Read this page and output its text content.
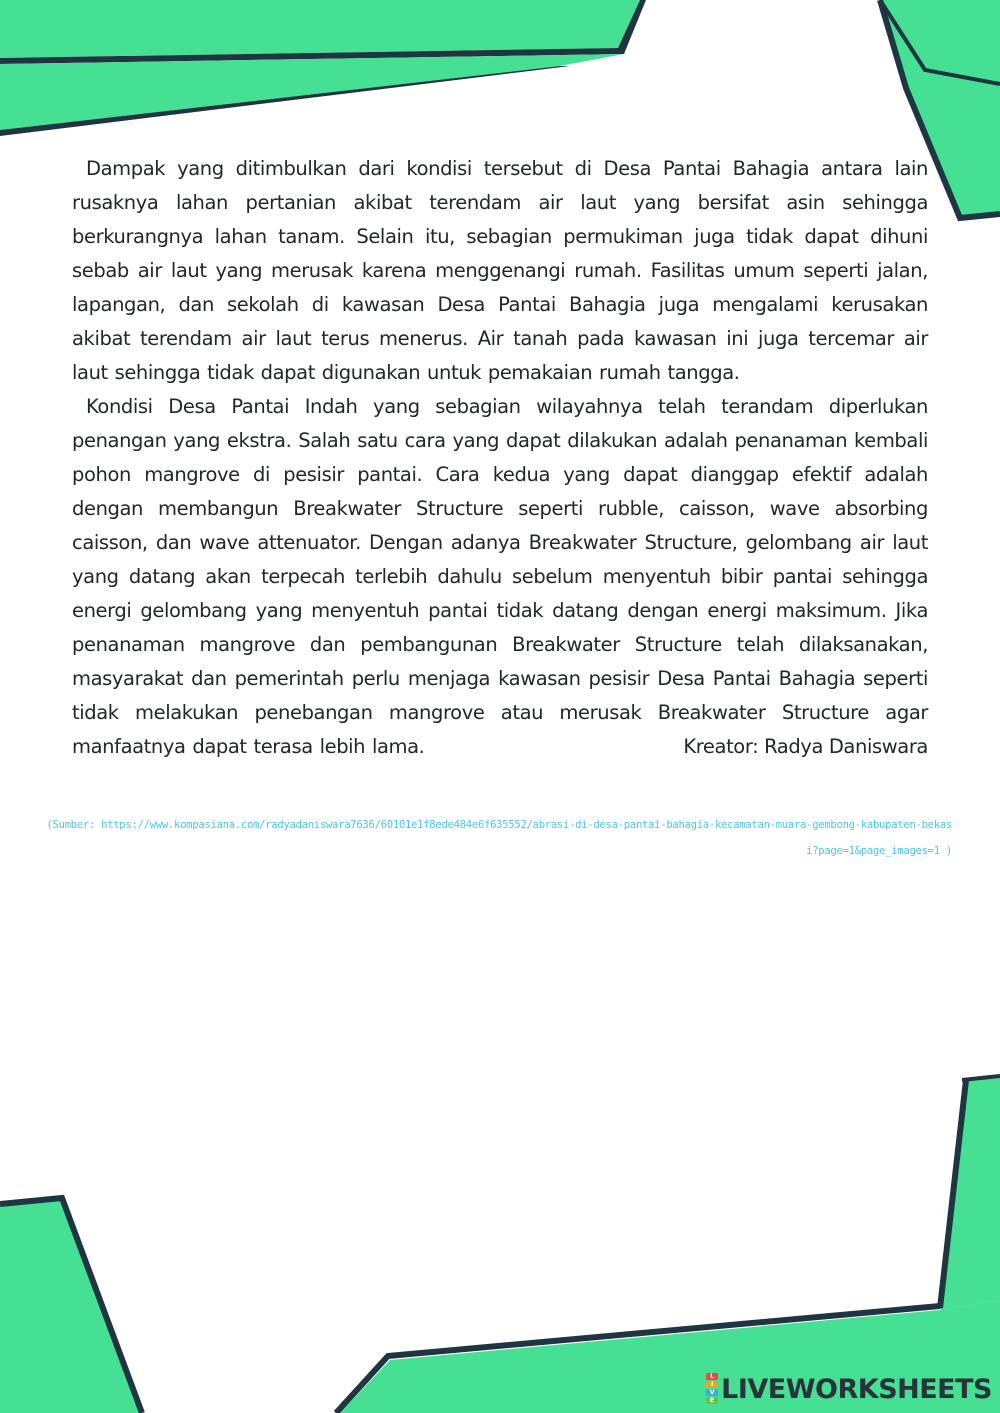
Dampak yang ditimbulkan dari kondisi tersebut di Desa Pantai Bahagia antara lain rusaknya lahan pertanian akibat terendam air laut yang bersifat asin sehingga berkurangnya lahan tanam. Selain itu, sebagian permukiman juga tidak dapat dihuni sebab air laut yang merusak karena menggenangi rumah. Fasilitas umum seperti jalan, lapangan, dan sekolah di kawasan Desa Pantai Bahagia juga mengalami kerusakan akibat terendam air laut terus menerus. Air tanah pada kawasan ini juga tercemar air laut sehingga tidak dapat digunakan untuk pemakaian rumah tangga.

Kondisi Desa Pantai Indah yang sebagian wilayahnya telah terandam diperlukan penangan yang ekstra. Salah satu cara yang dapat dilakukan adalah penanaman kembali pohon mangrove di pesisir pantai. Cara kedua yang dapat dianggap efektif adalah dengan membangun Breakwater Structure seperti rubble, caisson, wave absorbing caisson, dan wave attenuator. Dengan adanya Breakwater Structure, gelombang air laut yang datang akan terpecah terlebih dahulu sebelum menyentuh bibir pantai sehingga energi gelombang yang menyentuh pantai tidak datang dengan energi maksimum. Jika penanaman mangrove dan pembangunan Breakwater Structure telah dilaksanakan, masyarakat dan pemerintah perlu menjaga kawasan pesisir Desa Pantai Bahagia seperti tidak melakukan penebangan mangrove atau merusak Breakwater Structure agar manfaatnya dapat terasa lebih lama.	Kreator: Radya Daniswara

(Sumber: https://www.kompasiana.com/radyadaniswara7636/60101e1f8ede484e6f635552/abrasi-di-desa-pantai-bahagia-kecamatan-muara-gembong-kabupaten-bekasi?page=1&page_images=1 )

L
I
V
E LIVEWORKSHEETS
